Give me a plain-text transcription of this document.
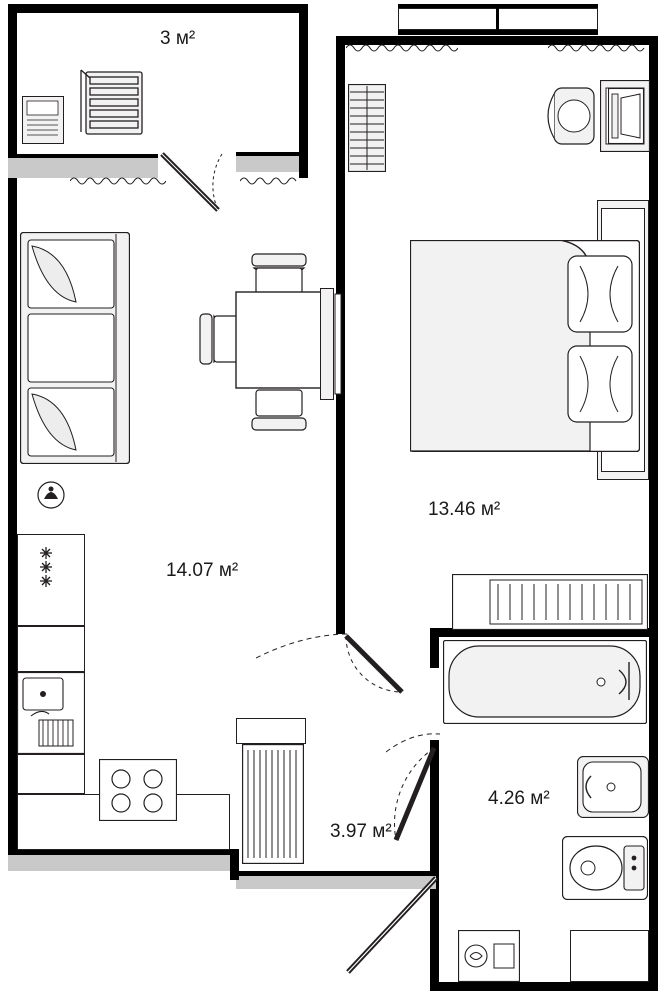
3 м²
14.07 м²
13.46 м²
4.26 м²
3.97 м²
